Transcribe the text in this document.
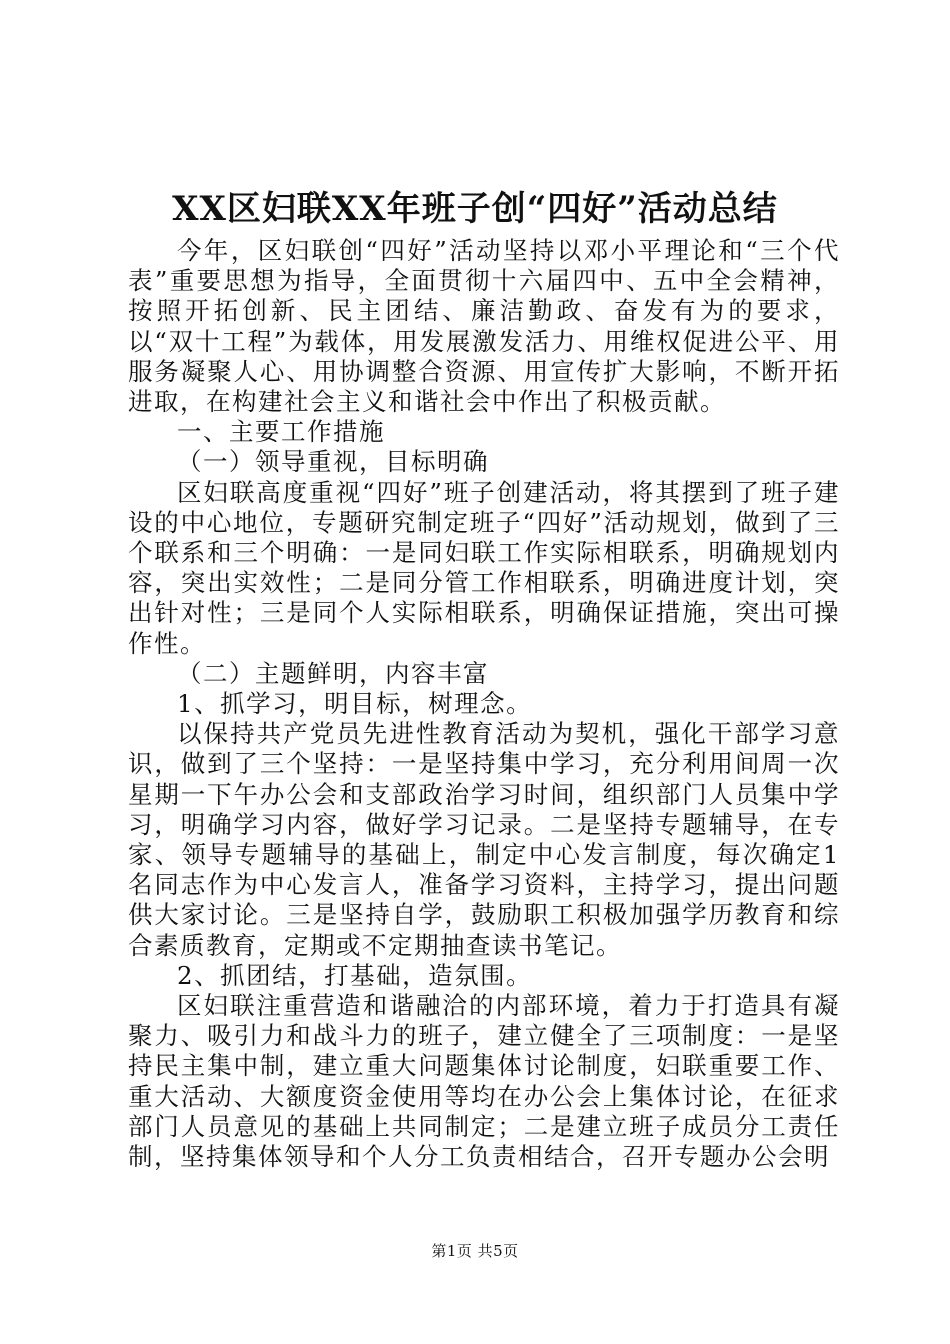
XX区妇联XX年班子创“四好”活动总结

今年，区妇联创“四好”活动坚持以邓小平理论和“三个代表”重要思想为指导，全面贯彻十六届四中、五中全会精神，按照开拓创新、民主团结、廉洁勤政、奋发有为的要求，以“双十工程”为载体，用发展激发活力、用维权促进公平、用服务凝聚人心、用协调整合资源、用宣传扩大影响，不断开拓进取，在构建社会主义和谐社会中作出了积极贡献。

一、主要工作措施

（一）领导重视，目标明确

区妇联高度重视“四好”班子创建活动，将其摆到了班子建设的中心地位，专题研究制定班子“四好”活动规划，做到了三个联系和三个明确：一是同妇联工作实际相联系，明确规划内容，突出实效性；二是同分管工作相联系，明确进度计划，突出针对性；三是同个人实际相联系，明确保证措施，突出可操作性。

（二）主题鲜明，内容丰富

1、抓学习，明目标，树理念。

以保持共产党员先进性教育活动为契机，强化干部学习意识，做到了三个坚持：一是坚持集中学习，充分利用间周一次星期一下午办公会和支部政治学习时间，组织部门人员集中学习，明确学习内容，做好学习记录。二是坚持专题辅导，在专家、领导专题辅导的基础上，制定中心发言制度，每次确定1名同志作为中心发言人，准备学习资料，主持学习，提出问题供大家讨论。三是坚持自学，鼓励职工积极加强学历教育和综合素质教育，定期或不定期抽查读书笔记。

2、抓团结，打基础，造氛围。

区妇联注重营造和谐融洽的内部环境，着力于打造具有凝聚力、吸引力和战斗力的班子，建立健全了三项制度：一是坚持民主集中制，建立重大问题集体讨论制度，妇联重要工作、重大活动、大额度资金使用等均在办公会上集体讨论，在征求部门人员意见的基础上共同制定；二是建立班子成员分工责任制，坚持集体领导和个人分工负责相结合，召开专题办公会明

第1页 共5页
